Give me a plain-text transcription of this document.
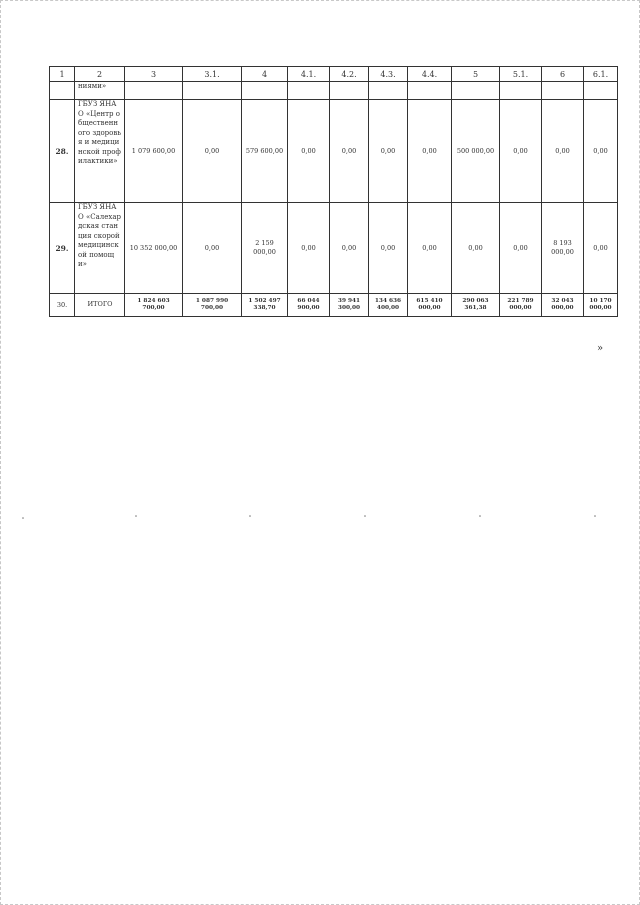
1	2	3	3.1.	4	4.1.	4.2.	4.3.	4.4.	5	5.1.	6	6.1.
	ниями»											
28.	ГБУЗ ЯНАО «Центр общественного здоровья и медицинской профилактики»	1 079 600,00	0,00	579 600,00	0,00	0,00	0,00	0,00	500 000,00	0,00	0,00	0,00
29.	ГБУЗ ЯНАО «Салехардская станция скорой медицинской помощи»	10 352 000,00	0,00	2 159 000,00	0,00	0,00	0,00	0,00	0,00	0,00	8 193 000,00	0,00
30.	ИТОГО	1 824 603 700,00	1 087 990 700,00	1 502 497 338,70	66 044 900,00	39 941 300,00	134 636 400,00	615 410 000,00	290 063 361,38	221 789 000,00	32 043 000,00	10 170 000,00
»
